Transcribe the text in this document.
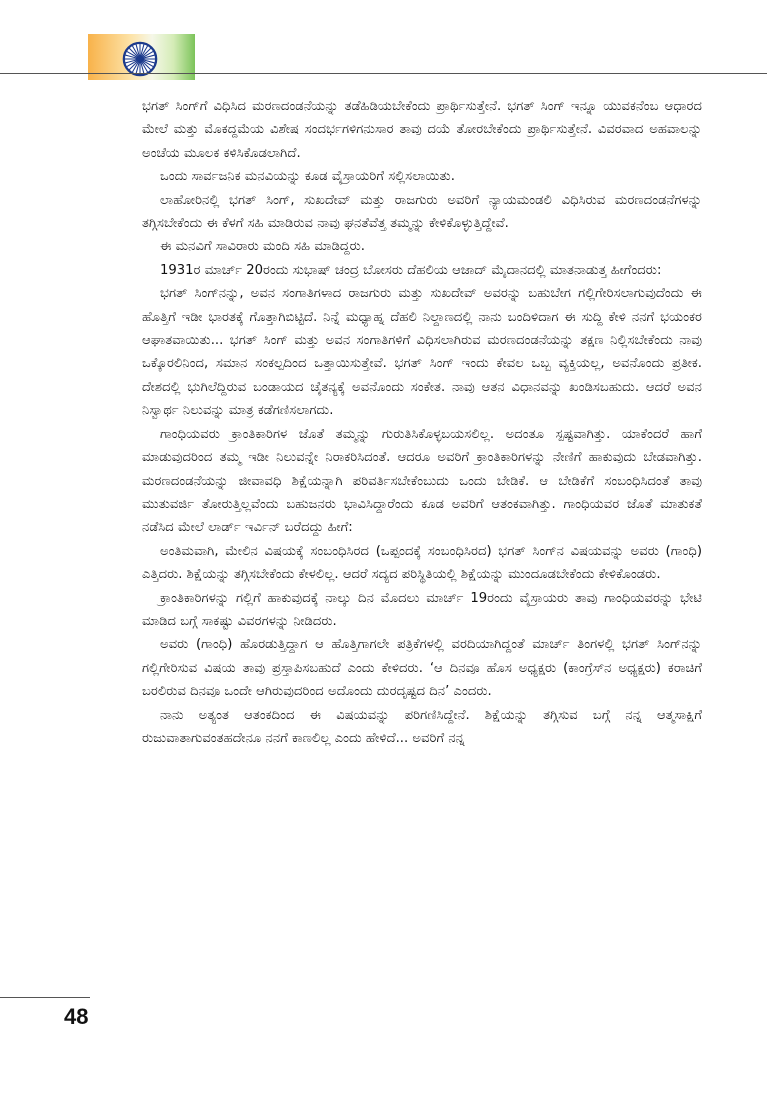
ಭಗತ್ ಸಿಂಗ್‌ಗೆ ವಿಧಿಸಿದ ಮರಣದಂಡನೆಯನ್ನು ತಡೆಹಿಡಿಯಬೇಕೆಂದು ಪ್ರಾರ್ಥಿಸುತ್ತೇನೆ. ಭಗತ್ ಸಿಂಗ್ ಇನ್ನೂ ಯುವಕನೆಂಬ ಆಧಾರದ ಮೇಲೆ ಮತ್ತು ಮೊಕದ್ದಮೆಯ ವಿಶೇಷ ಸಂದರ್ಭಗಳಿಗನುಸಾರ ತಾವು ದಯೆ ತೋರಬೇಕೆಂದು ಪ್ರಾರ್ಥಿಸುತ್ತೇನೆ. ವಿವರವಾದ ಅಹವಾಲನ್ನು ಅಂಚೆಯ ಮೂಲಕ ಕಳಿಸಿಕೊಡಲಾಗಿದೆ.

ಒಂದು ಸಾರ್ವಜನಿಕ ಮನವಿಯನ್ನು ಕೂಡ ವೈಸ್ರಾಯರಿಗೆ ಸಲ್ಲಿಸಲಾಯಿತು.

ಲಾಹೋರಿನಲ್ಲಿ ಭಗತ್ ಸಿಂಗ್, ಸುಖದೇವ್ ಮತ್ತು ರಾಜಗುರು ಅವರಿಗೆ ನ್ಯಾಯಮಂಡಲಿ ವಿಧಿಸಿರುವ ಮರಣದಂಡನೆಗಳನ್ನು ತಗ್ಗಿಸಬೇಕೆಂದು ಈ ಕೆಳಗೆ ಸಹಿ ಮಾಡಿರುವ ನಾವು ಘನತೆವೆತ್ತ ತಮ್ಮನ್ನು ಕೇಳಿಕೊಳ್ಳುತ್ತಿದ್ದೇವೆ.

ಈ ಮನವಿಗೆ ಸಾವಿರಾರು ಮಂದಿ ಸಹಿ ಮಾಡಿದ್ದರು.

1931ರ ಮಾರ್ಚ್ 20ರಂದು ಸುಭಾಷ್ ಚಂದ್ರ ಬೋಸರು ದೆಹಲಿಯ ಆಜಾದ್ ಮೈದಾನದಲ್ಲಿ ಮಾತನಾಡುತ್ತ ಹೀಗೆಂದರು:

ಭಗತ್ ಸಿಂಗ್‌ನನ್ನು, ಅವನ ಸಂಗಾತಿಗಳಾದ ರಾಜಗುರು ಮತ್ತು ಸುಖದೇವ್ ಅವರನ್ನು ಬಹುಬೇಗ ಗಲ್ಲಿಗೇರಿಸಲಾಗುವುದೆಂದು ಈ ಹೊತ್ತಿಗೆ ಇಡೀ ಭಾರತಕ್ಕೆ ಗೊತ್ತಾಗಿಬಿಟ್ಟಿದೆ. ನಿನ್ನೆ ಮಧ್ಯಾಹ್ನ ದೆಹಲಿ ನಿಲ್ದಾಣದಲ್ಲಿ ನಾನು ಬಂದಿಳಿದಾಗ ಈ ಸುದ್ದಿ ಕೇಳಿ ನನಗೆ ಭಯಂಕರ ಆಘಾತವಾಯಿತು... ಭಗತ್ ಸಿಂಗ್ ಮತ್ತು ಅವನ ಸಂಗಾತಿಗಳಿಗೆ ವಿಧಿಸಲಾಗಿರುವ ಮರಣದಂಡನೆಯನ್ನು ತಕ್ಷಣ ನಿಲ್ಲಿಸಬೇಕೆಂದು ನಾವು ಒಕ್ಕೊರಲಿನಿಂದ, ಸಮಾನ ಸಂಕಲ್ಪದಿಂದ ಒತ್ತಾಯಿಸುತ್ತೇವೆ. ಭಗತ್ ಸಿಂಗ್ ಇಂದು ಕೇವಲ ಒಬ್ಬ ವ್ಯಕ್ತಿಯಲ್ಲ, ಅವನೊಂದು ಪ್ರತೀಕ. ದೇಶದಲ್ಲಿ ಭುಗಿಲೆದ್ದಿರುವ ಬಂಡಾಯದ ಚೈತನ್ಯಕ್ಕೆ ಅವನೊಂದು ಸಂಕೇತ. ನಾವು ಆತನ ವಿಧಾನವನ್ನು ಖಂಡಿಸಬಹುದು. ಆದರೆ ಅವನ ನಿಸ್ವಾರ್ಥ ನಿಲುವನ್ನು ಮಾತ್ರ ಕಡೆಗಣಿಸಲಾಗದು.

ಗಾಂಧಿಯವರು ಕ್ರಾಂತಿಕಾರಿಗಳ ಜೊತೆ ತಮ್ಮನ್ನು ಗುರುತಿಸಿಕೊಳ್ಳಬಯಸಲಿಲ್ಲ. ಅದಂತೂ ಸ್ಪಷ್ಟವಾಗಿತ್ತು. ಯಾಕೆಂದರೆ ಹಾಗೆ ಮಾಡುವುದರಿಂದ ತಮ್ಮ ಇಡೀ ನಿಲುವನ್ನೇ ನಿರಾಕರಿಸಿದಂತೆ. ಆದರೂ ಅವರಿಗೆ ಕ್ರಾಂತಿಕಾರಿಗಳನ್ನು ನೇಣಿಗೆ ಹಾಕುವುದು ಬೇಡವಾಗಿತ್ತು. ಮರಣದಂಡನೆಯನ್ನು ಜೀವಾವಧಿ ಶಿಕ್ಷೆಯನ್ನಾಗಿ ಪರಿವರ್ತಿಸಬೇಕೆಂಬುದು ಒಂದು ಬೇಡಿಕೆ. ಆ ಬೇಡಿಕೆಗೆ ಸಂಬಂಧಿಸಿದಂತೆ ತಾವು ಮುತುವರ್ಜಿ ತೋರುತ್ತಿಲ್ಲವೆಂದು ಬಹುಜನರು ಭಾವಿಸಿದ್ದಾರೆಂದು ಕೂಡ ಅವರಿಗೆ ಆತಂಕವಾಗಿತ್ತು. ಗಾಂಧಿಯವರ ಜೊತೆ ಮಾತುಕತೆ ನಡೆಸಿದ ಮೇಲೆ ಲಾರ್ಡ್ ಇರ್ವಿನ್ ಬರೆದದ್ದು ಹೀಗೆ:

ಅಂತಿಮವಾಗಿ, ಮೇಲಿನ ವಿಷಯಕ್ಕೆ ಸಂಬಂಧಿಸಿರದ (ಒಪ್ಪಂದಕ್ಕೆ ಸಂಬಂಧಿಸಿರದ) ಭಗತ್ ಸಿಂಗ್‌ನ ವಿಷಯವನ್ನು ಅವರು (ಗಾಂಧಿ) ಎತ್ತಿದರು. ಶಿಕ್ಷೆಯನ್ನು ತಗ್ಗಿಸಬೇಕೆಂದು ಕೇಳಲಿಲ್ಲ. ಆದರೆ ಸದ್ಯದ ಪರಿಸ್ಥಿತಿಯಲ್ಲಿ ಶಿಕ್ಷೆಯನ್ನು ಮುಂದೂಡಬೇಕೆಂದು ಕೇಳಿಕೊಂಡರು.

ಕ್ರಾಂತಿಕಾರಿಗಳನ್ನು ಗಲ್ಲಿಗೆ ಹಾಕುವುದಕ್ಕೆ ನಾಲ್ಕು ದಿನ ಮೊದಲು ಮಾರ್ಚ್ 19ರಂದು ವೈಸ್ರಾಯರು ತಾವು ಗಾಂಧಿಯವರನ್ನು ಭೇಟಿ ಮಾಡಿದ ಬಗ್ಗೆ ಸಾಕಷ್ಟು ವಿವರಗಳನ್ನು ನೀಡಿದರು.

ಅವರು (ಗಾಂಧಿ) ಹೊರಡುತ್ತಿದ್ದಾಗ ಆ ಹೊತ್ತಿಗಾಗಲೇ ಪತ್ರಿಕೆಗಳಲ್ಲಿ ವರದಿಯಾಗಿದ್ದಂತೆ ಮಾರ್ಚ್ ತಿಂಗಳಲ್ಲಿ ಭಗತ್ ಸಿಂಗ್‌ನನ್ನು ಗಲ್ಲಿಗೇರಿಸುವ ವಿಷಯ ತಾವು ಪ್ರಸ್ತಾಪಿಸಬಹುದೆ ಎಂದು ಕೇಳಿದರು. ‘ಆ ದಿನವೂ ಹೊಸ ಅಧ್ಯಕ್ಷರು (ಕಾಂಗ್ರೆಸ್‌ನ ಅಧ್ಯಕ್ಷರು) ಕರಾಚಿಗೆ ಬರಲಿರುವ ದಿನವೂ ಒಂದೇ ಆಗಿರುವುದರಿಂದ ಅದೊಂದು ದುರದೃಷ್ಟದ ದಿನ’ ಎಂದರು.

ನಾನು ಅತ್ಯಂತ ಆತಂಕದಿಂದ ಈ ವಿಷಯವನ್ನು ಪರಿಗಣಿಸಿದ್ದೇನೆ. ಶಿಕ್ಷೆಯನ್ನು ತಗ್ಗಿಸುವ ಬಗ್ಗೆ ನನ್ನ ಆತ್ಮಸಾಕ್ಷಿಗೆ ರುಜುವಾತಾಗುವಂತಹದೇನೂ ನನಗೆ ಕಾಣಲಿಲ್ಲ ಎಂದು ಹೇಳಿದೆ... ಅವರಿಗೆ ನನ್ನ

48
